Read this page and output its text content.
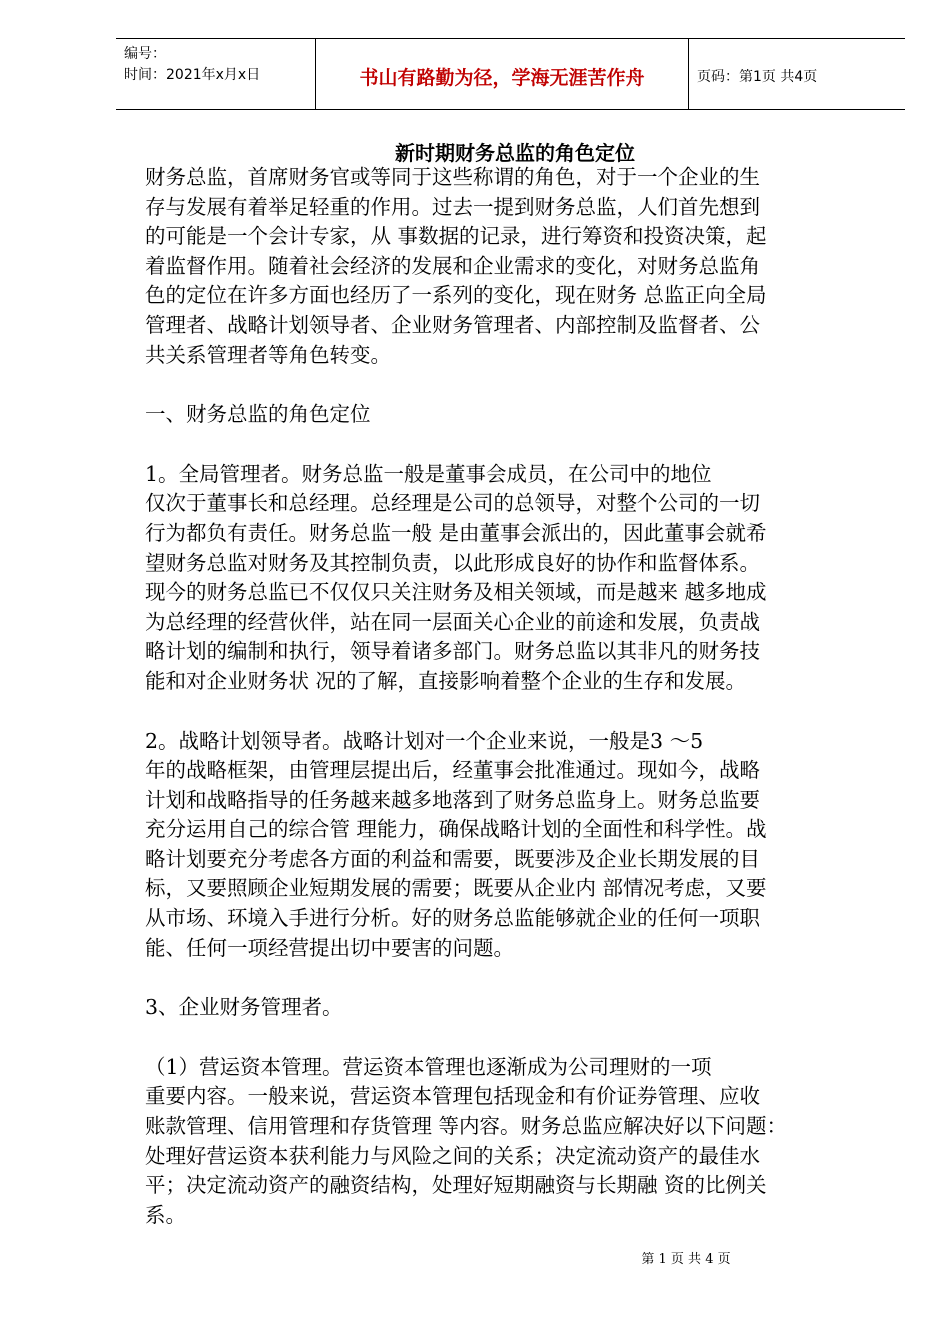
编号：
时间：2021年x月x日	书山有路勤为径，学海无涯苦作舟	页码：第1页 共4页
新时期财务总监的角色定位
财务总监，首席财务官或等同于这些称谓的角色，对于一个企业的生
存与发展有着举足轻重的作用。过去一提到财务总监，人们首先想到
的可能是一个会计专家，从 事数据的记录，进行筹资和投资决策，起
着监督作用。随着社会经济的发展和企业需求的变化，对财务总监角
色的定位在许多方面也经历了一系列的变化，现在财务 总监正向全局
管理者、战略计划领导者、企业财务管理者、内部控制及监督者、公
共关系管理者等角色转变。
一、财务总监的角色定位
1。全局管理者。财务总监一般是董事会成员，在公司中的地位
仅次于董事长和总经理。总经理是公司的总领导，对整个公司的一切
行为都负有责任。财务总监一般 是由董事会派出的，因此董事会就希
望财务总监对财务及其控制负责，以此形成良好的协作和监督体系。
现今的财务总监已不仅仅只关注财务及相关领域，而是越来 越多地成
为总经理的经营伙伴，站在同一层面关心企业的前途和发展，负责战
略计划的编制和执行，领导着诸多部门。财务总监以其非凡的财务技
能和对企业财务状 况的了解，直接影响着整个企业的生存和发展。
2。战略计划领导者。战略计划对一个企业来说，一般是3 ～5
年的战略框架，由管理层提出后，经董事会批准通过。现如今，战略
计划和战略指导的任务越来越多地落到了财务总监身上。财务总监要
充分运用自己的综合管 理能力，确保战略计划的全面性和科学性。战
略计划要充分考虑各方面的利益和需要，既要涉及企业长期发展的目
标，又要照顾企业短期发展的需要；既要从企业内 部情况考虑，又要
从市场、环境入手进行分析。好的财务总监能够就企业的任何一项职
能、任何一项经营提出切中要害的问题。
3、企业财务管理者。
（1）营运资本管理。营运资本管理也逐渐成为公司理财的一项
重要内容。一般来说，营运资本管理包括现金和有价证券管理、应收
账款管理、信用管理和存货管理 等内容。财务总监应解决好以下问题：
处理好营运资本获利能力与风险之间的关系；决定流动资产的最佳水
平；决定流动资产的融资结构，处理好短期融资与长期融 资的比例关
系。
第 1 页 共 4 页
